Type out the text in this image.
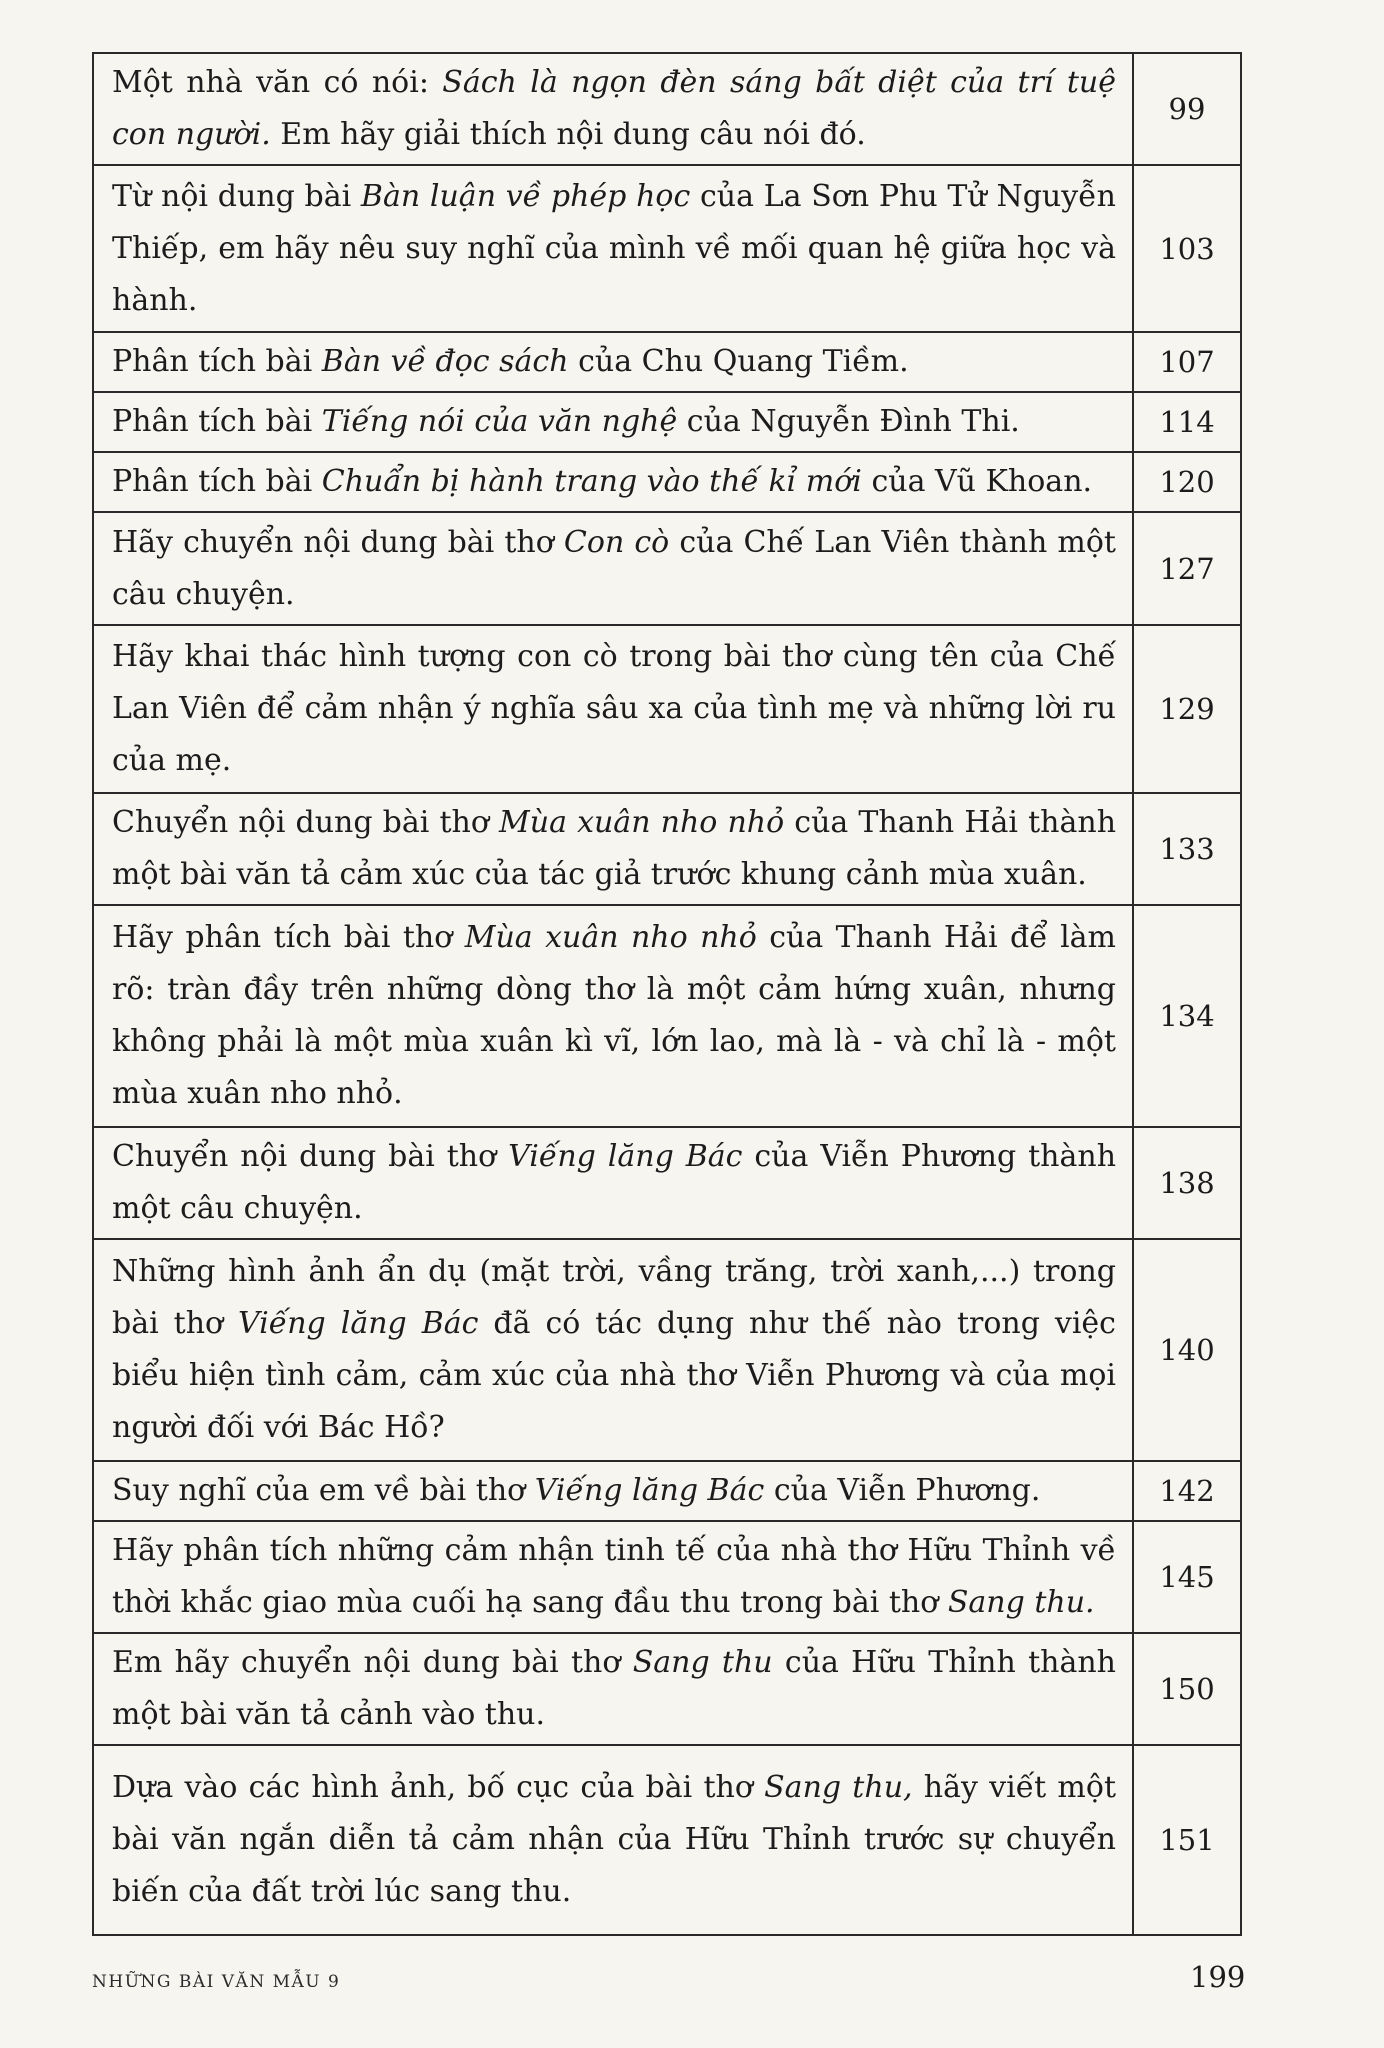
Một nhà văn có nói: Sách là ngọn đèn sáng bất diệt của trí tuệ con người. Em hãy giải thích nội dung câu nói đó.	99
Từ nội dung bài Bàn luận về phép học của La Sơn Phu Tử Nguyễn Thiếp, em hãy nêu suy nghĩ của mình về mối quan hệ giữa học và hành.	103
Phân tích bài Bàn về đọc sách của Chu Quang Tiềm.	107
Phân tích bài Tiếng nói của văn nghệ của Nguyễn Đình Thi.	114
Phân tích bài Chuẩn bị hành trang vào thế kỉ mới của Vũ Khoan.	120
Hãy chuyển nội dung bài thơ Con cò của Chế Lan Viên thành một câu chuyện.	127
Hãy khai thác hình tượng con cò trong bài thơ cùng tên của Chế Lan Viên để cảm nhận ý nghĩa sâu xa của tình mẹ và những lời ru của mẹ.	129
Chuyển nội dung bài thơ Mùa xuân nho nhỏ của Thanh Hải thành một bài văn tả cảm xúc của tác giả trước khung cảnh mùa xuân.	133
Hãy phân tích bài thơ Mùa xuân nho nhỏ của Thanh Hải để làm rõ: tràn đầy trên những dòng thơ là một cảm hứng xuân, nhưng không phải là một mùa xuân kì vĩ, lớn lao, mà là - và chỉ là - một mùa xuân nho nhỏ.	134
Chuyển nội dung bài thơ Viếng lăng Bác của Viễn Phương thành một câu chuyện.	138
Những hình ảnh ẩn dụ (mặt trời, vầng trăng, trời xanh,...) trong bài thơ Viếng lăng Bác đã có tác dụng như thế nào trong việc biểu hiện tình cảm, cảm xúc của nhà thơ Viễn Phương và của mọi người đối với Bác Hồ?	140
Suy nghĩ của em về bài thơ Viếng lăng Bác của Viễn Phương.	142
Hãy phân tích những cảm nhận tinh tế của nhà thơ Hữu Thỉnh về thời khắc giao mùa cuối hạ sang đầu thu trong bài thơ Sang thu.	145
Em hãy chuyển nội dung bài thơ Sang thu của Hữu Thỉnh thành một bài văn tả cảnh vào thu.	150
Dựa vào các hình ảnh, bố cục của bài thơ Sang thu, hãy viết một bài văn ngắn diễn tả cảm nhận của Hữu Thỉnh trước sự chuyển biến của đất trời lúc sang thu.	151
NHỮNG BÀI VĂN MẪU 9	199
